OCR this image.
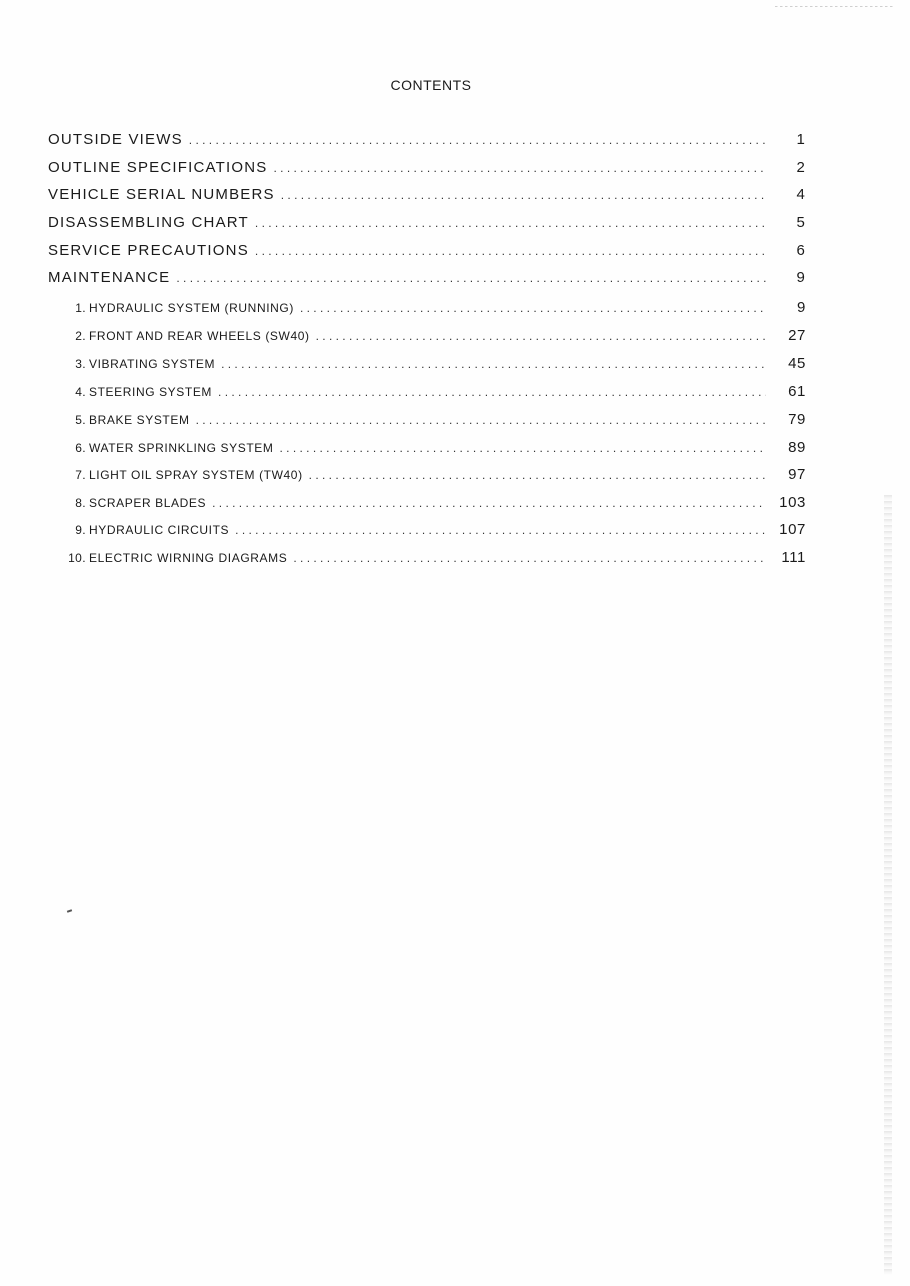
CONTENTS
OUTSIDE VIEWS . . .	1
OUTLINE SPECIFICATIONS . . .	2
VEHICLE SERIAL NUMBERS . . .	4
DISASSEMBLING CHART . . .	5
SERVICE PRECAUTIONS . . .	6
MAINTENANCE . . .	9
1. HYDRAULIC SYSTEM (RUNNING) . . .	9
2. FRONT AND REAR WHEELS (SW40) . . .	27
3. VIBRATING SYSTEM . . .	45
4. STEERING SYSTEM . . .	61
5. BRAKE SYSTEM . . .	79
6. WATER SPRINKLING SYSTEM . . .	89
7. LIGHT OIL SPRAY SYSTEM (TW40) . . .	97
8. SCRAPER BLADES . . .	103
9. HYDRAULIC CIRCUITS . . .	107
10. ELECTRIC WIRNING DIAGRAMS . . .	111
